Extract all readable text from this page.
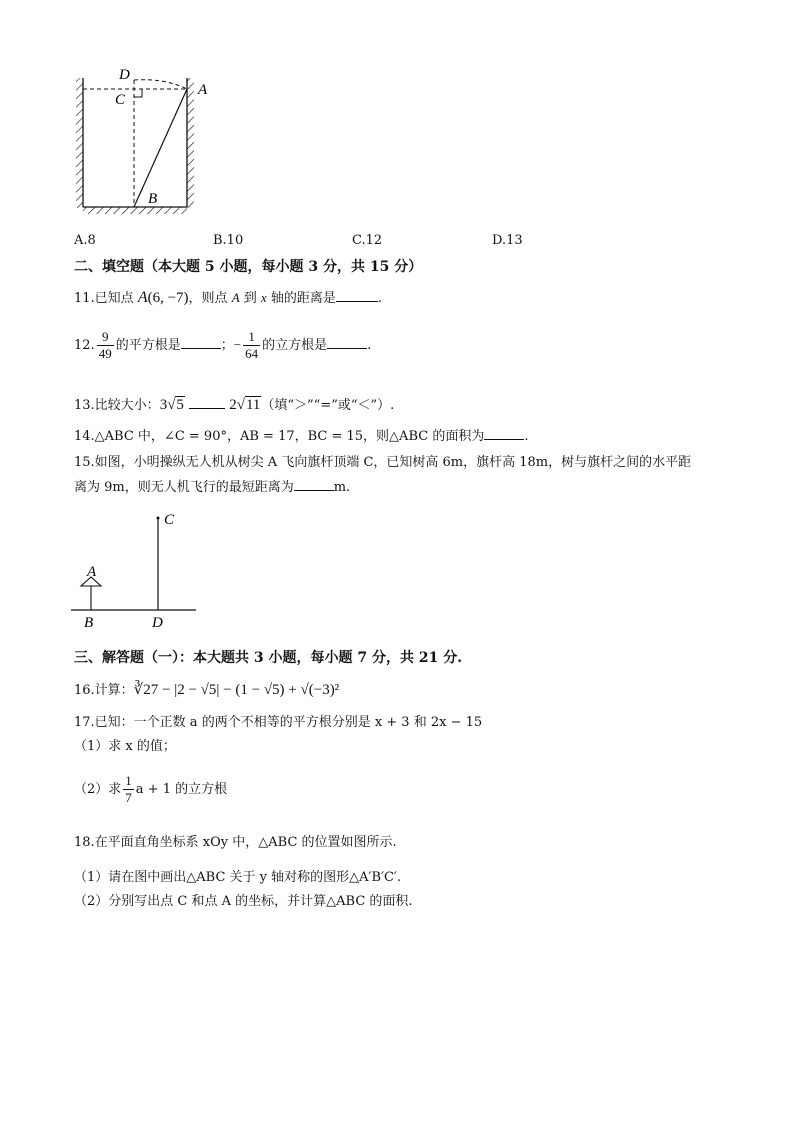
D
C
A
B
A.8	B.10	C.12	D.13
二、填空题（本大题 5 小题，每小题 3 分，共 15 分）
11.已知点 A(6, −7)，则点 A 到 x 轴的距离是	.
12. $\frac{9}{49}$ 的平方根是	；− $\frac{1}{64}$ 的立方根是	.
13.比较大小：3√5	2√11（填“＞”“=”或“＜”）.
14.△ABC 中，∠C = 90°，AB = 17，BC = 15，则△ABC 的面积为	.
15.如图，小明操纵无人机从树尖 A 飞向旗杆顶端 C，已知树高 6m，旗杆高 18m，树与旗杆之间的水平距
离为 9m，则无人机飞行的最短距离为	m.
C
A
B	D
三、解答题（一）：本大题共 3 小题，每小题 7 分，共 21 分.
16.计算：∛27 − |2 − √5| − (1 − √5) + √(−3)²
17.已知：一个正数 a 的两个不相等的平方根分别是 x + 3 和 2x − 15
（1）求 x 的值；
（2）求 $\frac{1}{7}$ a + 1 的立方根
18.在平面直角坐标系 xOy 中，△ABC 的位置如图所示.
（1）请在图中画出△ABC 关于 y 轴对称的图形△A′B′C′.
（2）分别写出点 C 和点 A 的坐标，并计算△ABC 的面积.
